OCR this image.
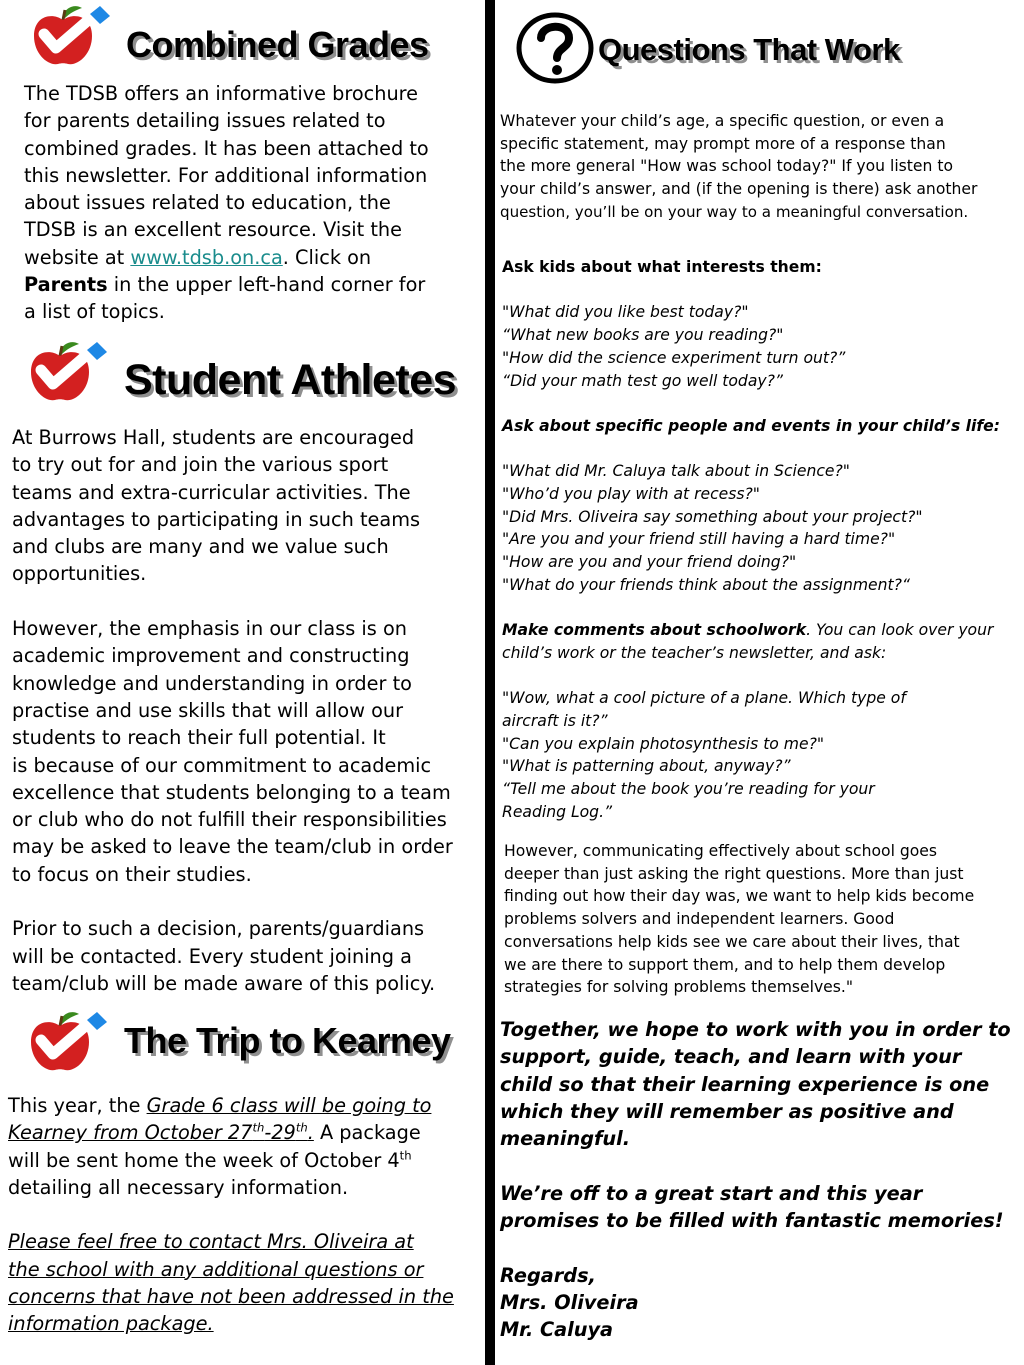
Combined Grades

The TDSB offers an informative brochure

for parents detailing issues related to

combined grades. It has been attached to

this newsletter. For additional information

about issues related to education, the

TDSB is an excellent resource. Visit the

website at www.tdsb.on.ca. Click on

Parents in the upper left-hand corner for

a list of topics.

Student Athletes

At Burrows Hall, students are encouraged

to try out for and join the various sport

teams and extra-curricular activities. The

advantages to participating in such teams

and clubs are many and we value such

opportunities.

However, the emphasis in our class is on

academic improvement and constructing

knowledge and understanding in order to

practise and use skills that will allow our

students to reach their full potential. It

is because of our commitment to academic

excellence that students belonging to a team

or club who do not fulfill their responsibilities

may be asked to leave the team/club in order

to focus on their studies.

Prior to such a decision, parents/guardians

will be contacted. Every student joining a

team/club will be made aware of this policy.

The Trip to Kearney

This year, the Grade 6 class will be going to

Kearney from October 27th-29th. A package

will be sent home the week of October 4th

detailing all necessary information.

Please feel free to contact Mrs. Oliveira at

the school with any additional questions or

concerns that have not been addressed in the

information package.

Questions That Work

Whatever your child’s age, a specific question, or even a

specific statement, may prompt more of a response than

the more general "How was school today?" If you listen to

your child’s answer, and (if the opening is there) ask another

question, you’ll be on your way to a meaningful conversation.

Ask kids about what interests them:

"What did you like best today?"

“What new books are you reading?"

"How did the science experiment turn out?”

“Did your math test go well today?”

Ask about specific people and events in your child’s life:

"What did Mr. Caluya talk about in Science?"

"Who’d you play with at recess?"

"Did Mrs. Oliveira say something about your project?"

"Are you and your friend still having a hard time?"

"How are you and your friend doing?"

"What do your friends think about the assignment?“

Make comments about schoolwork. You can look over your

child’s work or the teacher’s newsletter, and ask:

"Wow, what a cool picture of a plane. Which type of

aircraft is it?”

"Can you explain photosynthesis to me?"

"What is patterning about, anyway?”

“Tell me about the book you’re reading for your

Reading Log.”

However, communicating effectively about school goes

deeper than just asking the right questions. More than just

finding out how their day was, we want to help kids become

problems solvers and independent learners. Good

conversations help kids see we care about their lives, that

we are there to support them, and to help them develop

strategies for solving problems themselves."

Together, we hope to work with you in order to

support, guide, teach, and learn with your

child so that their learning experience is one

which they will remember as positive and

meaningful.

We’re off to a great start and this year

promises to be filled with fantastic memories!

Regards,

Mrs. Oliveira

Mr. Caluya
